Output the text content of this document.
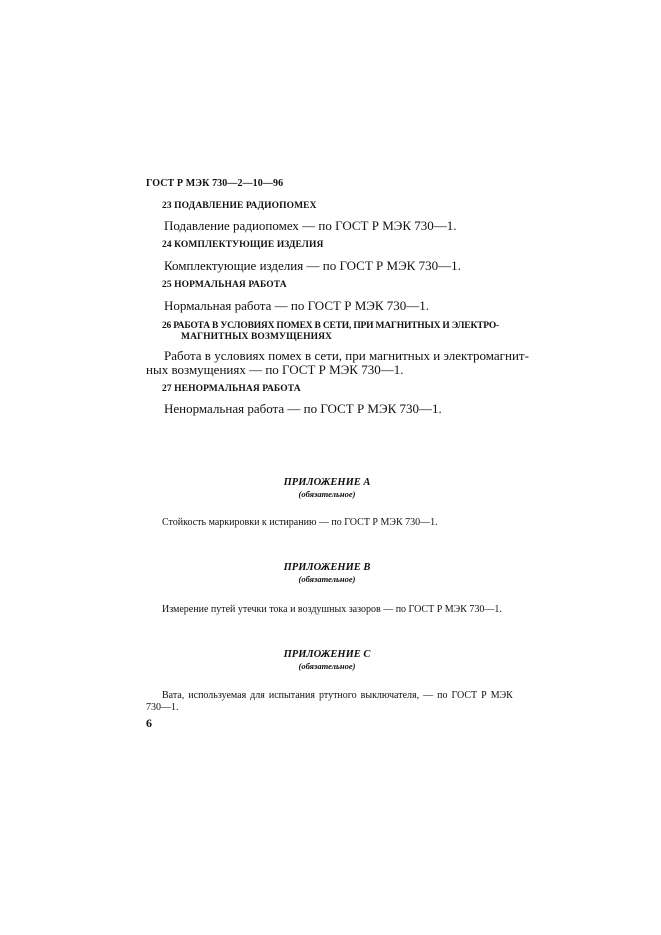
ГОСТ Р МЭК 730—2—10—96
23 ПОДАВЛЕНИЕ РАДИОПОМЕХ
Подавление радиопомех — по ГОСТ Р МЭК 730—1.
24 КОМПЛЕКТУЮЩИЕ ИЗДЕЛИЯ
Комплектующие изделия — по ГОСТ Р МЭК 730—1.
25 НОРМАЛЬНАЯ РАБОТА
Нормальная работа — по ГОСТ Р МЭК 730—1.
26 РАБОТА В УСЛОВИЯХ ПОМЕХ В СЕТИ, ПРИ МАГНИТНЫХ И ЭЛЕКТРО-
МАГНИТНЫХ ВОЗМУЩЕНИЯХ
Работа в условиях помех в сети, при магнитных и электромагнит-
ных возмущениях — по ГОСТ Р МЭК 730—1.
27 НЕНОРМАЛЬНАЯ РАБОТА
Ненормальная работа — по ГОСТ Р МЭК 730—1.
ПРИЛОЖЕНИЕ А
(обязательное)
Стойкость маркировки к истиранию — по ГОСТ Р МЭК 730—1.
ПРИЛОЖЕНИЕ В
(обязательное)
Измерение путей утечки тока и воздушных зазоров — по ГОСТ Р МЭК 730—1.
ПРИЛОЖЕНИЕ С
(обязательное)
Вата, используемая для испытания ртутного выключателя, — по ГОСТ Р МЭК
730—1.
6
